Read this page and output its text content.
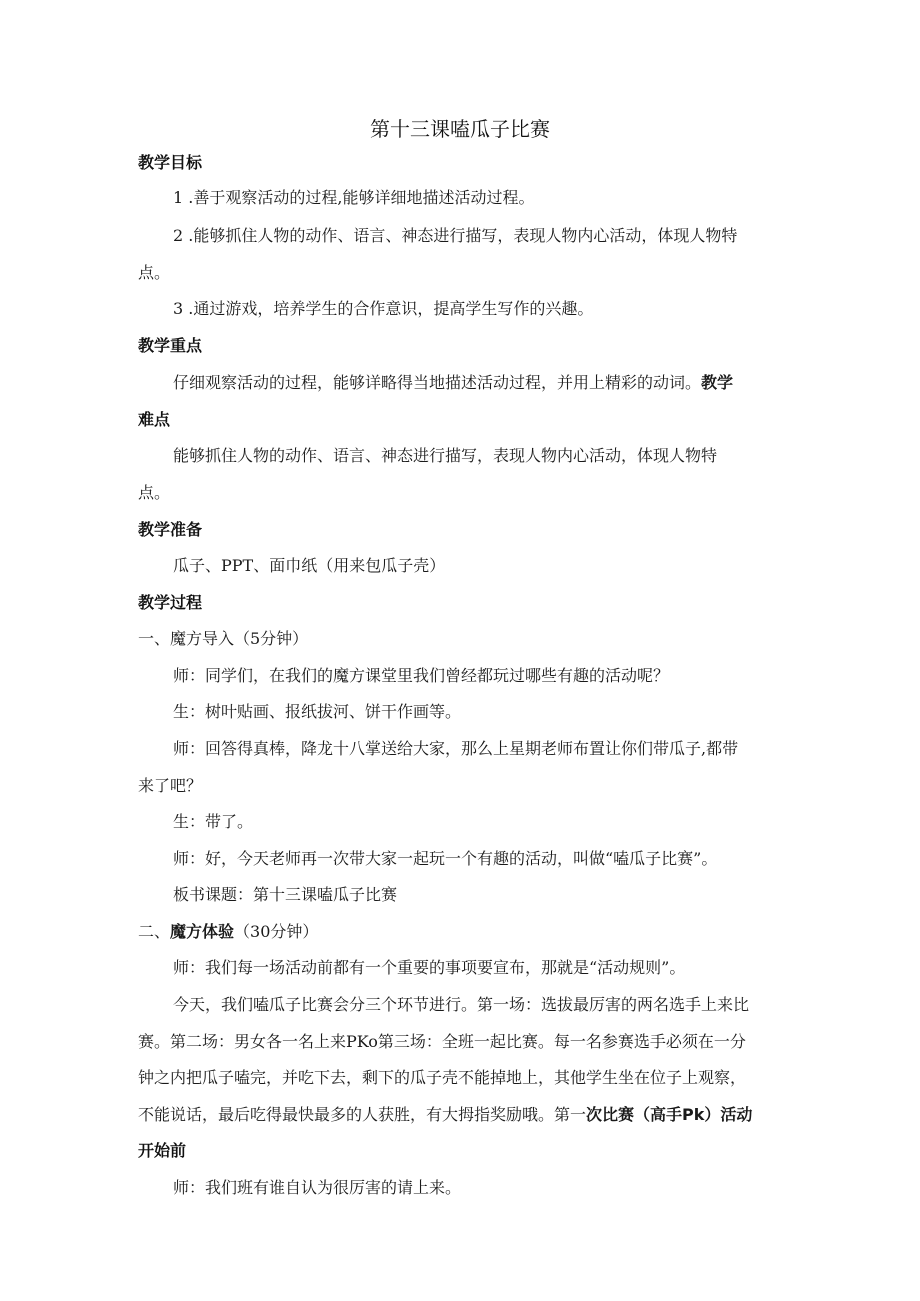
第十三课嗑瓜子比赛
教学目标
1 .善于观察活动的过程,能够详细地描述活动过程。
2 .能够抓住人物的动作、语言、神态进行描写，表现人物内心活动，体现人物特
点。
3 .通过游戏，培养学生的合作意识，提高学生写作的兴趣。
教学重点
仔细观察活动的过程，能够详略得当地描述活动过程，并用上精彩的动词。教学
难点
能够抓住人物的动作、语言、神态进行描写，表现人物内心活动，体现人物特
点。
教学准备
瓜子、PPT、面巾纸（用来包瓜子壳）
教学过程
一、魔方导入（5分钟）
师：同学们，在我们的魔方课堂里我们曾经都玩过哪些有趣的活动呢？
生：树叶贴画、报纸拔河、饼干作画等。
师：回答得真棒，降龙十八掌送给大家，那么上星期老师布置让你们带瓜子,都带
来了吧？
生：带了。
师：好，今天老师再一次带大家一起玩一个有趣的活动，叫做“嗑瓜子比赛”。
板书课题：第十三课嗑瓜子比赛
二、魔方体验（30分钟）
师：我们每一场活动前都有一个重要的事项要宣布，那就是“活动规则”。
今天，我们嗑瓜子比赛会分三个环节进行。第一场：选拔最厉害的两名选手上来比
赛。第二场：男女各一名上来PKo第三场：全班一起比赛。每一名参赛选手必须在一分
钟之内把瓜子嗑完，并吃下去，剩下的瓜子壳不能掉地上，其他学生坐在位子上观察，
不能说话，最后吃得最快最多的人获胜，有大拇指奖励哦。第一次比赛（高手Pk）活动
开始前
师：我们班有谁自认为很厉害的请上来。
